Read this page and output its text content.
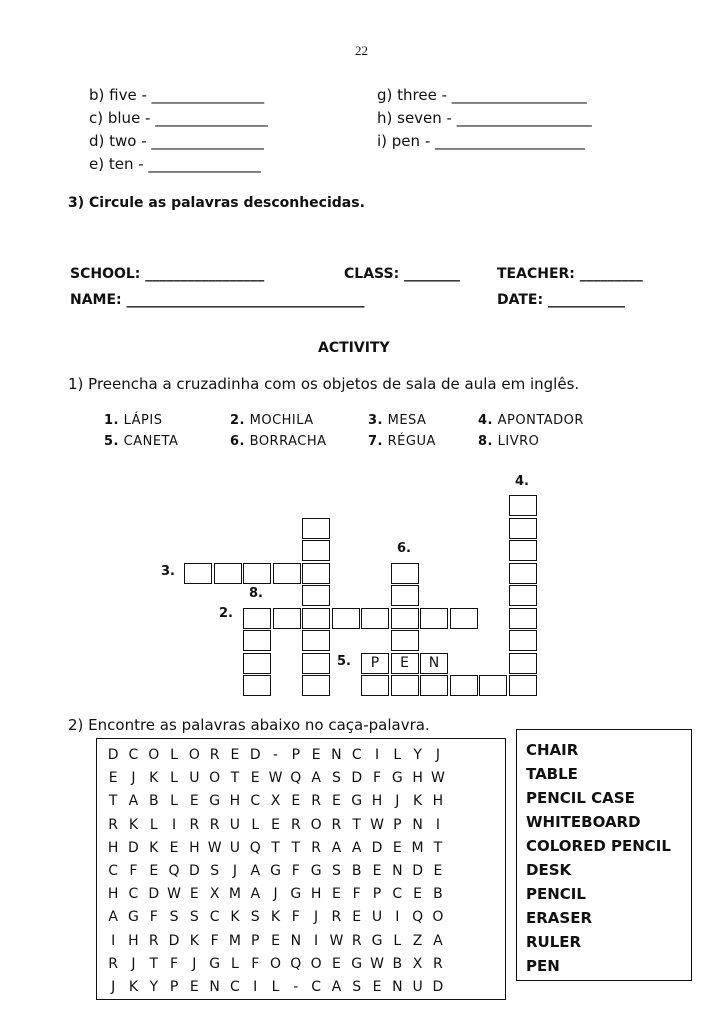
22
b) five - _______________
c) blue - _______________
d) two - _______________
e) ten - _______________
g) three - __________________
h) seven - __________________
i) pen - ____________________
3) Circule as palavras desconhecidas.
SCHOOL: _________________	CLASS: ________	TEACHER: _________
NAME: __________________________________	DATE: ___________
ACTIVITY
1) Preencha a cruzadinha com os objetos de sala de aula em inglês.
1. LÁPIS	2. MOCHILA	3. MESA	4. APONTADOR
5. CANETA	6. BORRACHA	7. RÉGUA	8. LIVRO
2.
3.
4.
5.
6.
8.
P	E	N
2) Encontre as palavras abaixo no caça-palavra.
D C O L O R E D - P E N C I L Y J
E J K L U O T E W Q A S D F G H W
T A B L E G H C X E R E G H J K H
R K L I R R U L E R O R T W P N I
H D K E H W U Q T T R A A D E M T
C F E Q D S J A G F G S B E N D E
H C D W E X M A J G H E F P C E B
A G F S S C K S K F J R E U I Q O
I H R D K F M P E N I W R G L Z A
R J T F J G L F O Q O E G W B X R
J K Y P E N C I L - C A S E N U D
CHAIR
TABLE
PENCIL CASE
WHITEBOARD
COLORED PENCIL
DESK
PENCIL
ERASER
RULER
PEN
